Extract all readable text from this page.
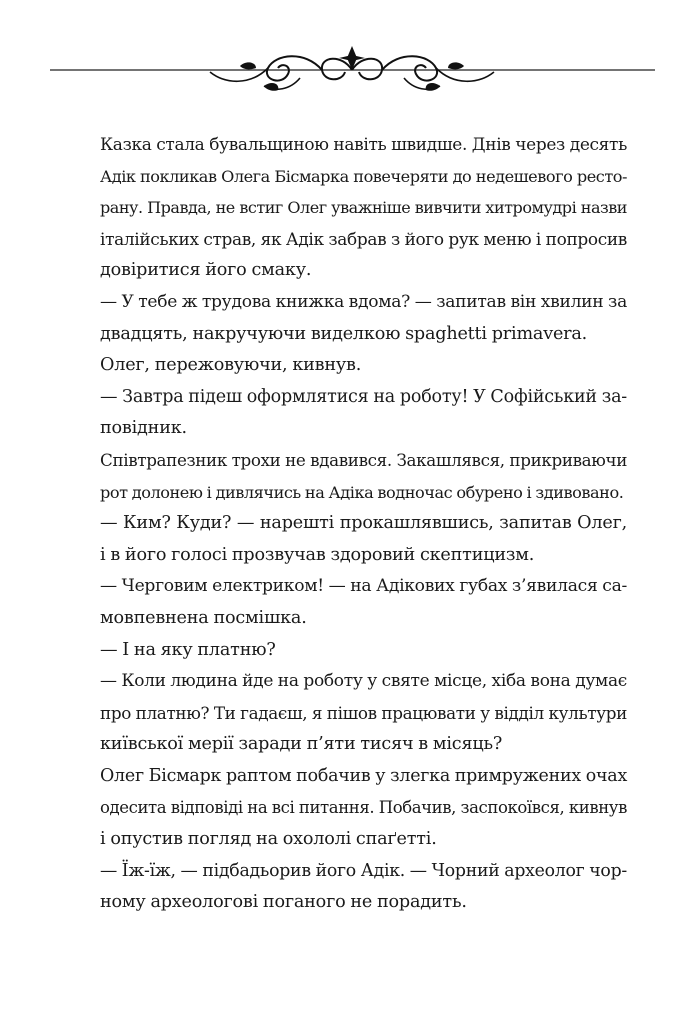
Казка стала бувальщиною навіть швидше. Днів через десять
Адік покликав Олега Бісмарка повечеряти до недешевого ресто-
рану. Правда, не встиг Олег уважніше вивчити хитромудрі назви
італійських страв, як Адік забрав з його рук меню і попросив
довіритися його смаку.

— У тебе ж трудова книжка вдома? — запитав він хвилин за
двадцять, накручуючи виделкою spaghetti primavera.

Олег, пережовуючи, кивнув.

— Завтра підеш оформлятися на роботу! У Софійський за-
повідник.

Співтрапезник трохи не вдавився. Закашлявся, прикриваючи
рот долонею і дивлячись на Адіка водночас обурено і здивовано.

— Ким? Куди? — нарешті прокашлявшись, запитав Олег,
і в його голосі прозвучав здоровий скептицизм.

— Черговим електриком! — на Адікових губах з’явилася са-
мовпевнена посмішка.

— І на яку платню?

— Коли людина йде на роботу у святе місце, хіба вона думає
про платню? Ти гадаєш, я пішов працювати у відділ культури
київської мерії заради п’яти тисяч в місяць?

Олег Бісмарк раптом побачив у злегка примружених очах
одесита відповіді на всі питання. Побачив, заспокоївся, кивнув
і опустив погляд на охололі спаґетті.

— Їж-їж, — підбадьорив його Адік. — Чорний археолог чор-
ному археологові поганого не порадить.
